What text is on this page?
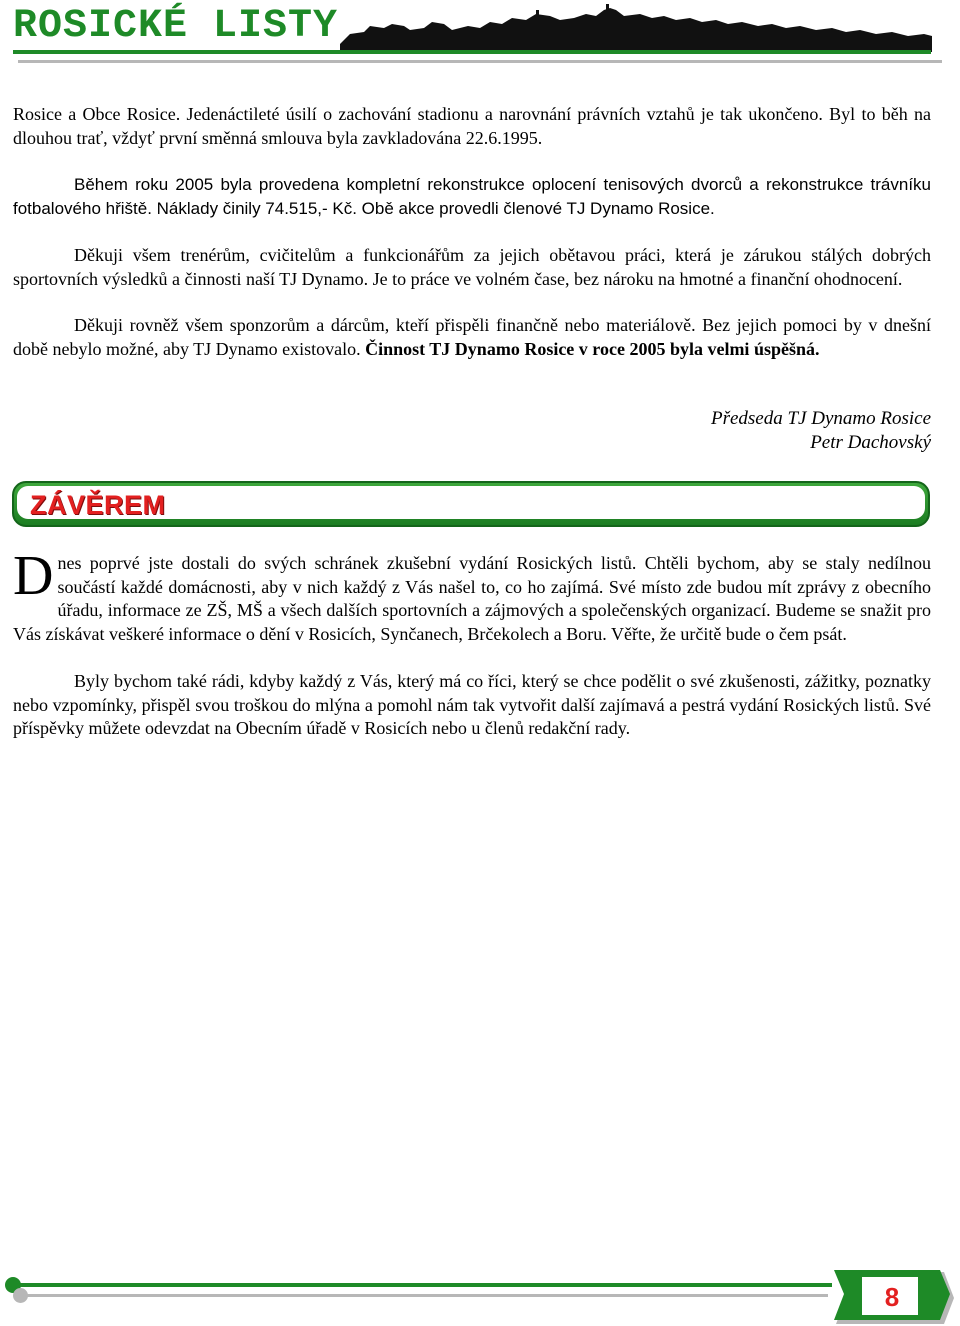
ROSICKÉ LISTY
Rosice a Obce Rosice. Jedenáctileté úsilí o zachování stadionu a narovnání právních vztahů je tak ukončeno. Byl to běh na dlouhou trať, vždyť první směnná smlouva byla zavkladována 22.6.1995.
Během roku 2005 byla provedena kompletní rekonstrukce oplocení tenisových dvorců a rekonstrukce trávníku fotbalového hřiště. Náklady činily 74.515,- Kč. Obě akce provedli členové TJ Dynamo Rosice.
Děkuji všem trenérům, cvičitelům a funkcionářům za jejich obětavou práci, která je zárukou stálých dobrých sportovních výsledků a činnosti naší TJ Dynamo. Je to práce ve volném čase, bez nároku na hmotné a finanční ohodnocení.
Děkuji rovněž všem sponzorům a dárcům, kteří přispěli finančně nebo materiálově. Bez jejich pomoci by v dnešní době nebylo možné, aby TJ Dynamo existovalo. Činnost TJ Dynamo Rosice v roce 2005 byla velmi úspěšná.
Předseda TJ Dynamo Rosice
Petr Dachovský
ZÁVĚREM
Dnes poprvé jste dostali do svých schránek zkušební vydání Rosických listů. Chtěli bychom, aby se staly nedílnou součástí každé domácnosti, aby v nich každý z Vás našel to, co ho zajímá. Své místo zde budou mít zprávy z obecního úřadu, informace ze ZŠ, MŠ a všech dalších sportovních a zájmových a společenských organizací. Budeme se snažit pro Vás získávat veškeré informace o dění v Rosicích, Synčanech, Brčekolech a Boru. Věřte, že určitě bude o čem psát.
Byly bychom také rádi, kdyby každý z Vás, který má co říci, který se chce podělit o své zkušenosti, zážitky, poznatky nebo vzpomínky, přispěl svou troškou do mlýna a pomohl nám tak vytvořit další zajímavá a pestrá vydání Rosických listů. Své příspěvky můžete odevzdat na Obecním úřadě v Rosicích nebo u členů redakční rady.
8
